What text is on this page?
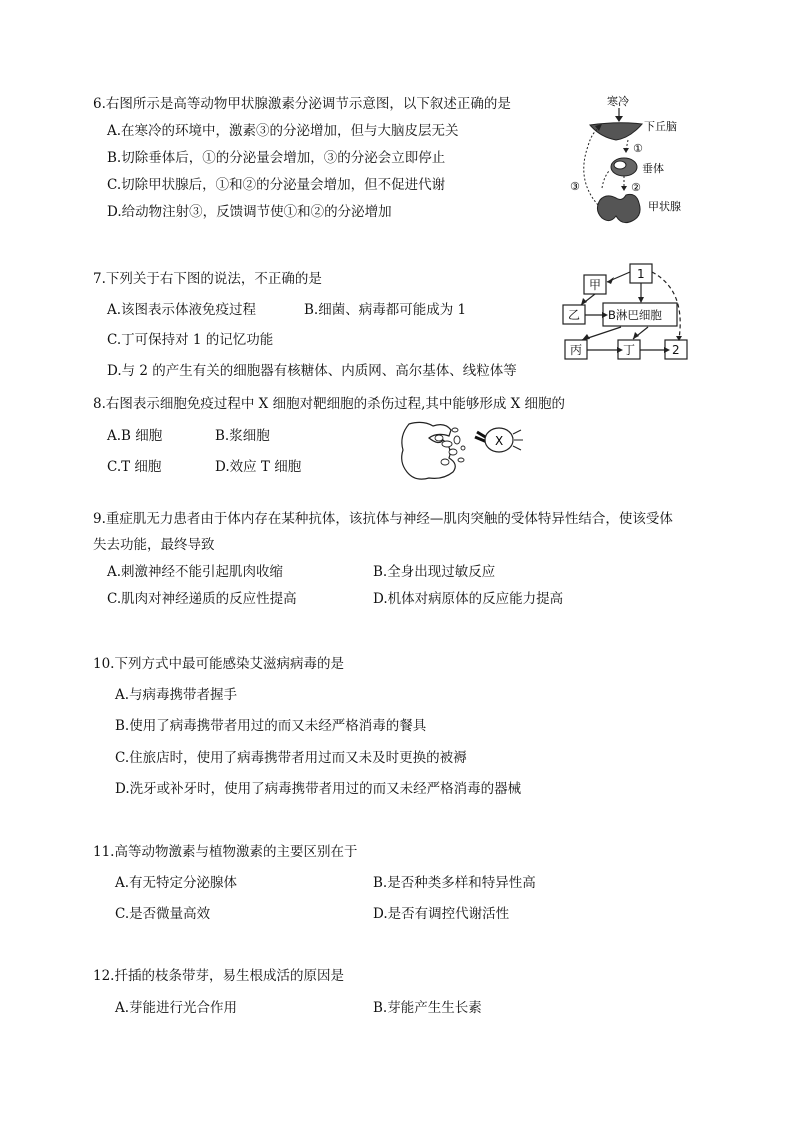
6.右图所示是高等动物甲状腺激素分泌调节示意图，以下叙述正确的是
A.在寒冷的环境中，激素③的分泌增加，但与大脑皮层无关
B.切除垂体后，①的分泌量会增加，③的分泌会立即停止
C.切除甲状腺后，①和②的分泌量会增加，但不促进代谢
D.给动物注射③，反馈调节使①和②的分泌增加
寒冷
下丘脑
①
垂体
②
甲状腺
③
7.下列关于右下图的说法，不正确的是
A.该图表示体液免疫过程	B.细菌、病毒都可能成为 1
C.丁可保持对 1 的记忆功能
D.与 2 的产生有关的细胞器有核糖体、内质网、高尔基体、线粒体等
甲
1
乙 B淋巴细胞
丙	丁	2
8.右图表示细胞免疫过程中 X 细胞对靶细胞的杀伤过程,其中能够形成 X 细胞的
A.B 细胞	B.浆细胞
C.T 细胞	D.效应 T 细胞
X
9.重症肌无力患者由于体内存在某种抗体，该抗体与神经—肌肉突触的受体特异性结合，使该受体
失去功能，最终导致
A.刺激神经不能引起肌肉收缩	B.全身出现过敏反应
C.肌肉对神经递质的反应性提高	D.机体对病原体的反应能力提高
10.下列方式中最可能感染艾滋病病毒的是
A.与病毒携带者握手
B.使用了病毒携带者用过的而又未经严格消毒的餐具
C.住旅店时，使用了病毒携带者用过而又未及时更换的被褥
D.洗牙或补牙时，使用了病毒携带者用过的而又未经严格消毒的器械
11.高等动物激素与植物激素的主要区别在于
A.有无特定分泌腺体	B.是否种类多样和特异性高
C.是否微量高效	D.是否有调控代谢活性
12.扦插的枝条带芽，易生根成活的原因是
A.芽能进行光合作用	B.芽能产生生长素
